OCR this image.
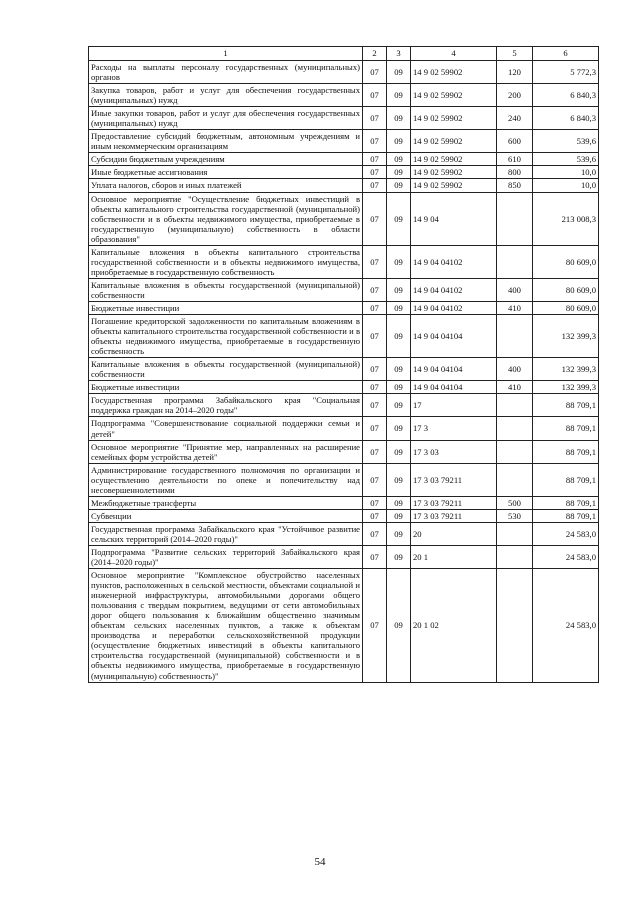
1	2	3	4	5	6
Расходы на выплаты персоналу государственных (муниципальных) органов	07	09	14 9 02 59902	120	5 772,3
Закупка товаров, работ и услуг для обеспечения государственных (муниципальных) нужд	07	09	14 9 02 59902	200	6 840,3
Иные закупки товаров, работ и услуг для обеспечения государственных (муниципальных) нужд	07	09	14 9 02 59902	240	6 840,3
Предоставление субсидий бюджетным, автономным учреждениям и иным некоммерческим организациям	07	09	14 9 02 59902	600	539,6
Субсидии бюджетным учреждениям	07	09	14 9 02 59902	610	539,6
Иные бюджетные ассигнования	07	09	14 9 02 59902	800	10,0
Уплата налогов, сборов и иных платежей	07	09	14 9 02 59902	850	10,0
Основное мероприятие "Осуществление бюджетных инвестиций в объекты капитального строительства государственной (муниципальной) собственности и в объекты недвижимого имущества, приобретаемые в государственную (муниципальную) собственность в области образования"	07	09	14 9 04		213 008,3
Капитальные вложения в объекты капитального строительства государственной собственности и в объекты недвижимого имущества, приобретаемые в государственную собственность	07	09	14 9 04 04102		80 609,0
Капитальные вложения в объекты государственной (муниципальной) собственности	07	09	14 9 04 04102	400	80 609,0
Бюджетные инвестиции	07	09	14 9 04 04102	410	80 609,0
Погашение кредиторской задолженности по капитальным вложениям в объекты капитального строительства государственной собственности и в объекты недвижимого имущества, приобретаемые в государственную собственность	07	09	14 9 04 04104		132 399,3
Капитальные вложения в объекты государственной (муниципальной) собственности	07	09	14 9 04 04104	400	132 399,3
Бюджетные инвестиции	07	09	14 9 04 04104	410	132 399,3
Государственная программа Забайкальского края "Социальная поддержка граждан на 2014–2020 годы"	07	09	17		88 709,1
Подпрограмма "Совершенствование социальной поддержки семьи и детей"	07	09	17 3		88 709,1
Основное мероприятие "Принятие мер, направленных на расширение семейных форм устройства детей"	07	09	17 3 03		88 709,1
Администрирование государственного полномочия по организации и осуществлению деятельности по опеке и попечительству над несовершеннолетними	07	09	17 3 03 79211		88 709,1
Межбюджетные трансферты	07	09	17 3 03 79211	500	88 709,1
Субвенции	07	09	17 3 03 79211	530	88 709,1
Государственная программа Забайкальского края "Устойчивое развитие сельских территорий (2014–2020 годы)"	07	09	20		24 583,0
Подпрограмма "Развитие сельских территорий Забайкальского края (2014–2020 годы)"	07	09	20 1		24 583,0
Основное мероприятие "Комплексное обустройство населенных пунктов, расположенных в сельской местности, объектами социальной и инженерной инфраструктуры, автомобильными дорогами общего пользования с твердым покрытием, ведущими от сети автомобильных дорог общего пользования к ближайшим общественно значимым объектам сельских населенных пунктов, а также к объектам производства и переработки сельскохозяйственной продукции (осуществление бюджетных инвестиций в объекты капитального строительства государственной (муниципальной) собственности и в объекты недвижимого имущества, приобретаемые в государственную (муниципальную) собственность)"	07	09	20 1 02		24 583,0
54
